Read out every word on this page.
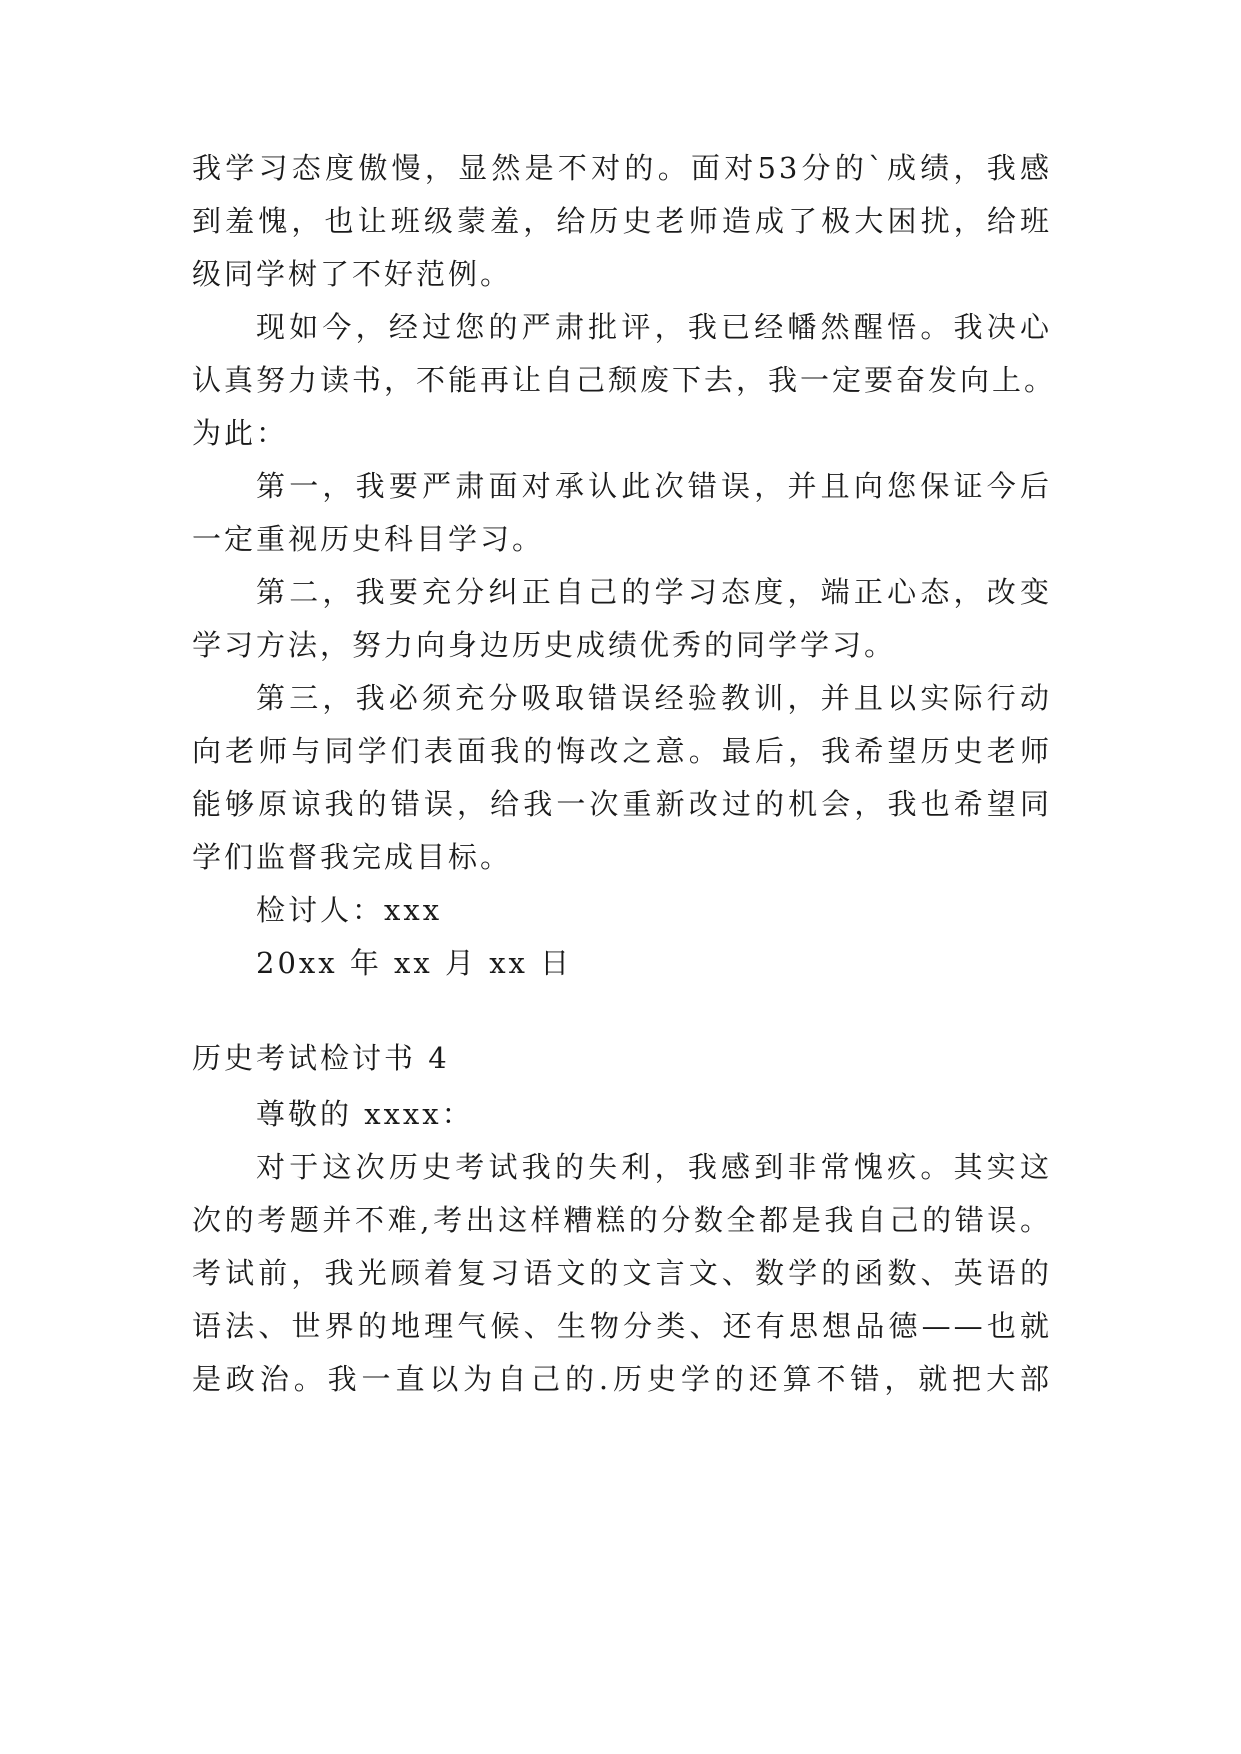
我学习态度傲慢，显然是不对的。面对53分的`成绩，我感
到羞愧，也让班级蒙羞，给历史老师造成了极大困扰，给班
级同学树了不好范例。
现如今，经过您的严肃批评，我已经幡然醒悟。我决心
认真努力读书，不能再让自己颓废下去，我一定要奋发向上。
为此：
第一，我要严肃面对承认此次错误，并且向您保证今后
一定重视历史科目学习。
第二，我要充分纠正自己的学习态度，端正心态，改变
学习方法，努力向身边历史成绩优秀的同学学习。
第三，我必须充分吸取错误经验教训，并且以实际行动
向老师与同学们表面我的悔改之意。最后，我希望历史老师
能够原谅我的错误，给我一次重新改过的机会，我也希望同
学们监督我完成目标。
检讨人：xxx
20xx 年 xx 月 xx 日
历史考试检讨书 4
尊敬的 xxxx：
对于这次历史考试我的失利，我感到非常愧疚。其实这
次的考题并不难,考出这样糟糕的分数全都是我自己的错误。
考试前，我光顾着复习语文的文言文、数学的函数、英语的
语法、世界的地理气候、生物分类、还有思想品德——也就
是政治。我一直以为自己的.历史学的还算不错，就把大部
